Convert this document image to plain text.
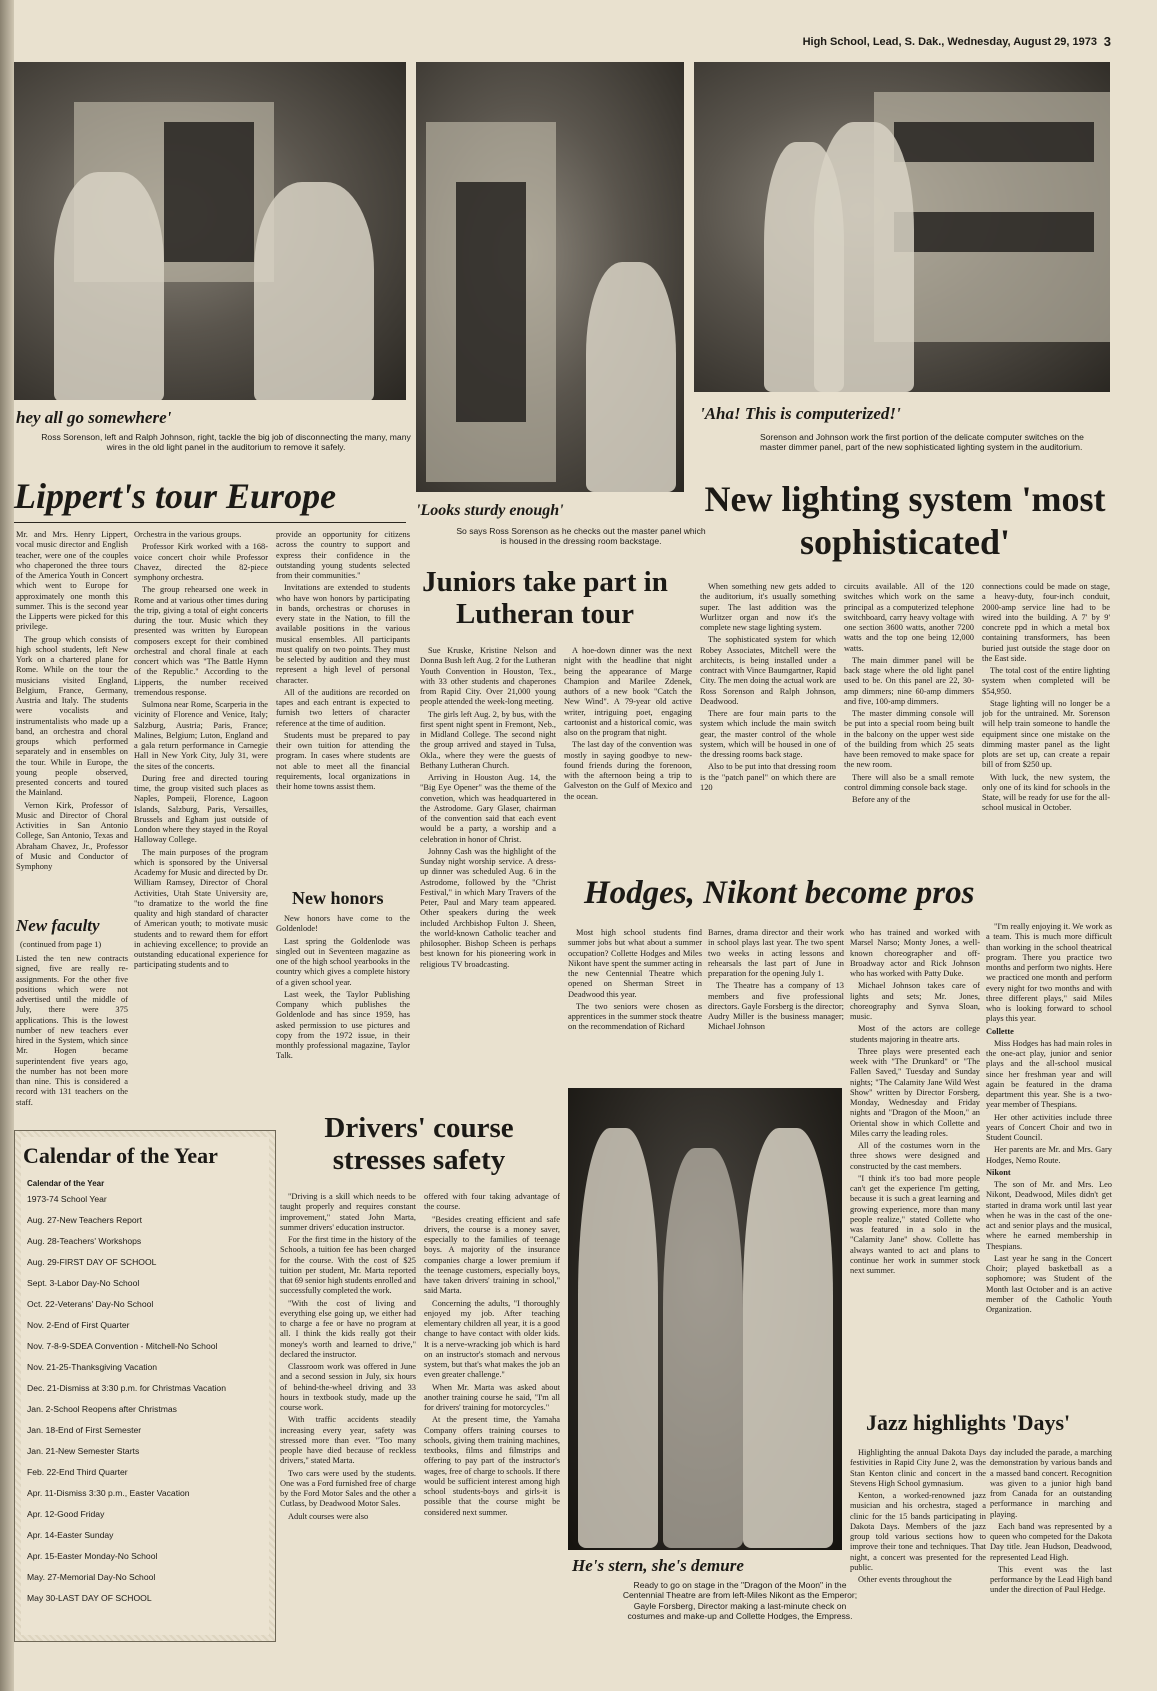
High School, Lead, S. Dak., Wednesday, August 29, 1973 3
hey all go somewhere'
Ross Sorenson, left and Ralph Johnson, right, tackle the big job of disconnecting the many, many wires in the old light panel in the auditorium to remove it safely.
'Looks sturdy enough'
So says Ross Sorenson as he checks out the master panel which is housed in the dressing room backstage.
'Aha! This is computerized!'
Sorenson and Johnson work the first portion of the delicate computer switches on the master dimmer panel, part of the new sophisticated lighting system in the auditorium.
Lippert's tour Europe

Mr. and Mrs. Henry Lippert, vocal music director and English teacher, were one of the couples who chaperoned the three tours of the America Youth in Concert which went to Europe for approximately one month this summer. This is the second year the Lipperts were picked for this privilege.

The group which consists of high school students, left New York on a chartered plane for Rome. While on the tour the musicians visited England, Belgium, France, Germany, Austria and Italy. The students were vocalists and instrumentalists who made up a band, an orchestra and choral groups which performed separately and in ensembles on the tour. While in Europe, the young people observed, presented concerts and toured the Mainland.

Vernon Kirk, Professor of Music and Director of Choral Activities in San Antonio College, San Antonio, Texas and Abraham Chavez, Jr., Professor of Music and Conductor of Symphony

Orchestra in the various groups.

Professor Kirk worked with a 168-voice concert choir while Professor Chavez, directed the 82-piece symphony orchestra.

The group rehearsed one week in Rome and at various other times during the trip, giving a total of eight concerts during the tour. Music which they presented was written by European composers except for their combined orchestral and choral finale at each concert which was "The Battle Hymn of the Republic." According to the Lipperts, the number received tremendous response.

Sulmona near Rome, Scarperia in the vicinity of Florence and Venice, Italy; Salzburg, Austria; Paris, France; Malines, Belgium; Luton, England and a gala return performance in Carnegie Hall in New York City, July 31, were the sites of the concerts.

During free and directed touring time, the group visited such places as Naples, Pompeii, Florence, Lagoon Islands, Salzburg, Paris, Versailles, Brussels and Egham just outside of London where they stayed in the Royal Halloway College.

The main purposes of the program which is sponsored by the Universal Academy for Music and directed by Dr. William Ramsey, Director of Choral Activities, Utah State University are, "to dramatize to the world the fine quality and high standard of character of American youth; to motivate music students and to reward them for effort in achieving excellence; to provide an outstanding educational experience for participating students and to

provide an opportunity for citizens across the country to support and express their confidence in the outstanding young students selected from their communities."

Invitations are extended to students who have won honors by participating in bands, orchestras or choruses in every state in the Nation, to fill the available positions in the various musical ensembles. All participants must qualify on two points. They must be selected by audition and they must represent a high level of personal character.

All of the auditions are recorded on tapes and each entrant is expected to furnish two letters of character reference at the time of audition.

Students must be prepared to pay their own tuition for attending the program. In cases where students are not able to meet all the financial requirements, local organizations in their home towns assist them.

New faculty
(continued from page 1)
Listed the ten new contracts signed, five are really re-assignments. For the other five positions which were not advertised until the middle of July, there were 375 applications. This is the lowest number of new teachers ever hired in the System, which since Mr. Hogen became superintendent five years ago, the number has not been more than nine. This is considered a record with 131 teachers on the staff.
New honors

New honors have come to the Goldenlode!

Last spring the Goldenlode was singled out in Seventeen magazine as one of the high school yearbooks in the country which gives a complete history of a given school year.

Last week, the Taylor Publishing Company which publishes the Goldenlode and has since 1959, has asked permission to use pictures and copy from the 1972 issue, in their monthly professional magazine, Taylor Talk.

Calendar of the Year
Calendar of the Year
1973-74 School Year
Aug. 27-New Teachers Report
Aug. 28-Teachers' Workshops
Aug. 29-FIRST DAY OF SCHOOL
Sept. 3-Labor Day-No School
Oct. 22-Veterans' Day-No School
Nov. 2-End of First Quarter
Nov. 7-8-9-SDEA Convention - Mitchell-No School
Nov. 21-25-Thanksgiving Vacation
Dec. 21-Dismiss at 3:30 p.m. for Christmas Vacation
Jan. 2-School Reopens after Christmas
Jan. 18-End of First Semester
Jan. 21-New Semester Starts
Feb. 22-End Third Quarter
Apr. 11-Dismiss 3:30 p.m., Easter Vacation
Apr. 12-Good Friday
Apr. 14-Easter Sunday
Apr. 15-Easter Monday-No School
May. 27-Memorial Day-No School
May 30-LAST DAY OF SCHOOL
Juniors take part in Lutheran tour

Sue Kruske, Kristine Nelson and Donna Bush left Aug. 2 for the Lutheran Youth Convention in Houston, Tex., with 33 other students and chaperones from Rapid City. Over 21,000 young people attended the week-long meeting.

The girls left Aug. 2, by bus, with the first spent night spent in Fremont, Neb., in Midland College. The second night the group arrived and stayed in Tulsa, Okla., where they were the guests of Bethany Lutheran Church.

Arriving in Houston Aug. 14, the "Big Eye Opener" was the theme of the convetion, which was headquartered in the Astrodome. Gary Glaser, chairman of the convention said that each event would be a party, a worship and a celebration in honor of Christ.

Johnny Cash was the highlight of the Sunday night worship service. A dress-up dinner was scheduled Aug. 6 in the Astrodome, followed by the "Christ Festival," in which Mary Travers of the Peter, Paul and Mary team appeared. Other speakers during the week included Archbishop Fulton J. Sheen, the world-known Catholic teacher and philosopher. Bishop Scheen is perhaps best known for his pioneering work in religious TV broadcasting.

A hoe-down dinner was the next night with the headline that night being the appearance of Marge Champion and Marilee Zdenek, authors of a new book "Catch the New Wind". A 79-year old active writer, intriguing poet, engaging cartoonist and a historical comic, was also on the program that night.

The last day of the convention was mostly in saying goodbye to new-found friends during the forenoon, with the afternoon being a trip to Galveston on the Gulf of Mexico and the ocean.

New lighting system 'most sophisticated'

When something new gets added to the auditorium, it's usually something super. The last addition was the Wurlitzer organ and now it's the complete new stage lighting system.

The sophisticated system for which Robey Associates, Mitchell were the architects, is being installed under a contract with Vince Baumgartner, Rapid City. The men doing the actual work are Ross Sorenson and Ralph Johnson, Deadwood.

There are four main parts to the system which include the main switch gear, the master control of the whole system, which will be housed in one of the dressing rooms back stage.

Also to be put into that dressing room is the "patch panel" on which there are 120

circuits available. All of the 120 switches which work on the same principal as a computerized telephone switchboard, carry heavy voltage with one section 3600 watts, another 7200 watts and the top one being 12,000 watts.

The main dimmer panel will be back stage where the old light panel used to be. On this panel are 22, 30-amp dimmers; nine 60-amp dimmers and five, 100-amp dimmers.

The master dimming console will be put into a special room being built in the balcony on the upper west side of the building from which 25 seats have been removed to make space for the new room.

There will also be a small remote control dimming console back stage.

Before any of the

connections could be made on stage, a heavy-duty, four-inch conduit, 2000-amp service line had to be wired into the building. A 7' by 9' concrete ppd in which a metal box containing transformers, has been buried just outside the stage door on the East side.

The total cost of the entire lighting system when completed will be $54,950.

Stage lighting will no longer be a job for the untrained. Mr. Sorenson will help train someone to handle the equipment since one mistake on the dimming master panel as the light plots are set up, can create a repair bill of from $250 up.

With luck, the new system, the only one of its kind for schools in the State, will be ready for use for the all-school musical in October.

Hodges, Nikont become pros

Most high school students find summer jobs but what about a summer occupation? Collette Hodges and Miles Nikont have spent the summer acting in the new Centennial Theatre which opened on Sherman Street in Deadwood this year.

The two seniors were chosen as apprentices in the summer stock theatre on the recommendation of Richard

Barnes, drama director and their work in school plays last year. The two spent two weeks in acting lessons and rehearsals the last part of June in preparation for the opening July 1.

The Theatre has a company of 13 members and five professional directors. Gayle Forsberg is the director; Audry Miller is the business manager; Michael Johnson

who has trained and worked with Marsel Narso; Monty Jones, a well-known choreographer and off-Broadway actor and Rick Johnson who has worked with Patty Duke.

Michael Johnson takes care of lights and sets; Mr. Jones, choreography and Synva Sloan, music.

Most of the actors are college students majoring in theatre arts.

Three plays were presented each week with "The Drunkard" or "The Fallen Saved," Tuesday and Sunday nights; "The Calamity Jane Wild West Show" written by Director Forsberg, Monday, Wednesday and Friday nights and "Dragon of the Moon," an Oriental show in which Collette and Miles carry the leading roles.

All of the costumes worn in the three shows were designed and constructed by the cast members.

"I think it's too bad more people can't get the experience I'm getting, because it is such a great learning and growing experience, more than many people realize," stated Collette who was featured in a solo in the "Calamity Jane" show. Collette has always wanted to act and plans to continue her work in summer stock next summer.

"I'm really enjoying it. We work as a team. This is much more difficult than working in the school theatrical program. There you practice two months and perform two nights. Here we practiced one month and perform every night for two months and with three different plays," said Miles who is looking forward to school plays this year.

Collette

Miss Hodges has had main roles in the one-act play, junior and senior plays and the all-school musical since her freshman year and will again be featured in the drama department this year. She is a two-year member of Thespians.

Her other activities include three years of Concert Choir and two in Student Council.

Her parents are Mr. and Mrs. Gary Hodges, Nemo Route.

Nikont

The son of Mr. and Mrs. Leo Nikont, Deadwood, Miles didn't get started in drama work until last year when he was in the cast of the one-act and senior plays and the musical, where he earned membership in Thespians.

Last year he sang in the Concert Choir; played basketball as a sophomore; was Student of the Month last October and is an active member of the Catholic Youth Organization.

He's stern, she's demure
Ready to go on stage in the "Dragon of the Moon" in the Centennial Theatre are from left-Miles Nikont as the Emperor; Gayle Forsberg, Director making a last-minute check on costumes and make-up and Collette Hodges, the Empress.
Drivers' course stresses safety

"Driving is a skill which needs to be taught properly and requires constant improvement," stated John Marta, summer drivers' education instructor.

For the first time in the history of the Schools, a tuition fee has been charged for the course. With the cost of $25 tuition per student, Mr. Marta reported that 69 senior high students enrolled and successfully completed the work.

"With the cost of living and everything else going up, we either had to charge a fee or have no program at all. I think the kids really got their money's worth and learned to drive," declared the instructor.

Classroom work was offered in June and a second session in July, six hours of behind-the-wheel driving and 33 hours in textbook study, made up the course work.

With traffic accidents steadily increasing every year, safety was stressed more than ever. "Too many people have died because of reckless drivers," stated Marta.

Two cars were used by the students. One was a Ford furnished free of charge by the Ford Motor Sales and the other a Cutlass, by Deadwood Motor Sales.

Adult courses were also

offered with four taking advantage of the course.

"Besides creating efficient and safe drivers, the course is a money saver, especially to the families of teenage boys. A majority of the insurance companies charge a lower premium if the teenage customers, especially boys, have taken drivers' training in school," said Marta.

Concerning the adults, "I thoroughly enjoyed my job. After teaching elementary children all year, it is a good change to have contact with older kids. It is a nerve-wracking job which is hard on an instructor's stomach and nervous system, but that's what makes the job an even greater challenge."

When Mr. Marta was asked about another training course he said, "I'm all for drivers' training for motorcycles."

At the present time, the Yamaha Company offers training courses to schools, giving them training machines, textbooks, films and filmstrips and offering to pay part of the instructor's wages, free of charge to schools. If there would be sufficient interest among high school students-boys and girls-it is possible that the course might be considered next summer.

Jazz highlights 'Days'

Highlighting the annual Dakota Days festivities in Rapid City June 2, was the Stan Kenton clinic and concert in the Stevens High School gymnasium.

Kenton, a worked-renowned jazz musician and his orchestra, staged a clinic for the 15 bands participating in Dakota Days. Members of the jazz group told various sections how to improve their tone and techniques. That night, a concert was presented for the public.

Other events throughout the

day included the parade, a marching demonstration by various bands and a massed band concert. Recognition was given to a junior high band from Canada for an outstanding performance in marching and playing.

Each band was represented by a queen who competed for the Dakota Day title. Jean Hudson, Deadwood, represented Lead High.

This event was the last performance by the Lead High band under the direction of Paul Hedge.
